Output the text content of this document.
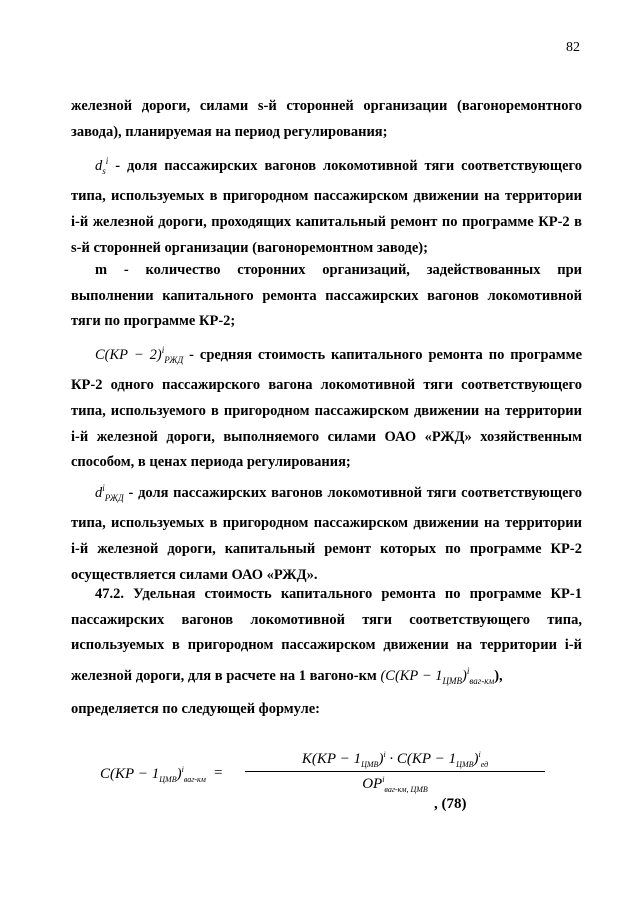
82
железной дороги, силами s-й сторонней организации (вагоноремонтного завода), планируемая на период регулирования;
$d_s^i$ - доля пассажирских вагонов локомотивной тяги соответствующего типа, используемых в пригородном пассажирском движении на территории i-й железной дороги, проходящих капитальный ремонт по программе КР-2 в s-й сторонней организации (вагоноремонтном заводе);
m - количество сторонних организаций, задействованных при выполнении капитального ремонта пассажирских вагонов локомотивной тяги по программе КР-2;
C(КР − 2)$^i_{РЖД}$ - средняя стоимость капитального ремонта по программе КР-2 одного пассажирского вагона локомотивной тяги соответствующего типа, используемого в пригородном пассажирском движении на территории i-й железной дороги, выполняемого силами ОАО «РЖД» хозяйственным способом, в ценах периода регулирования;
$d^i_{РЖД}$ - доля пассажирских вагонов локомотивной тяги соответствующего типа, используемых в пригородном пассажирском движении на территории i-й железной дороги, капитальный ремонт которых по программе КР-2 осуществляется силами ОАО «РЖД».
47.2. Удельная стоимость капитального ремонта по программе КР-1 пассажирских вагонов локомотивной тяги соответствующего типа, используемых в пригородном пассажирском движении на территории i-й железной дороги, для в расчете на 1 вагоно-км $(C(КР - 1_{ЦМВ})^i_{ваг-км})$,
определяется по следующей формуле:
$C(КР - 1_{ЦМВ})^i_{ваг-км}$ =
$K(КР - 1_{ЦМВ})^i \cdot C(КР - 1_{ЦМВ})^i_{ед}$
$OP^i_{ваг-км, ЦМВ}$
, (78)
